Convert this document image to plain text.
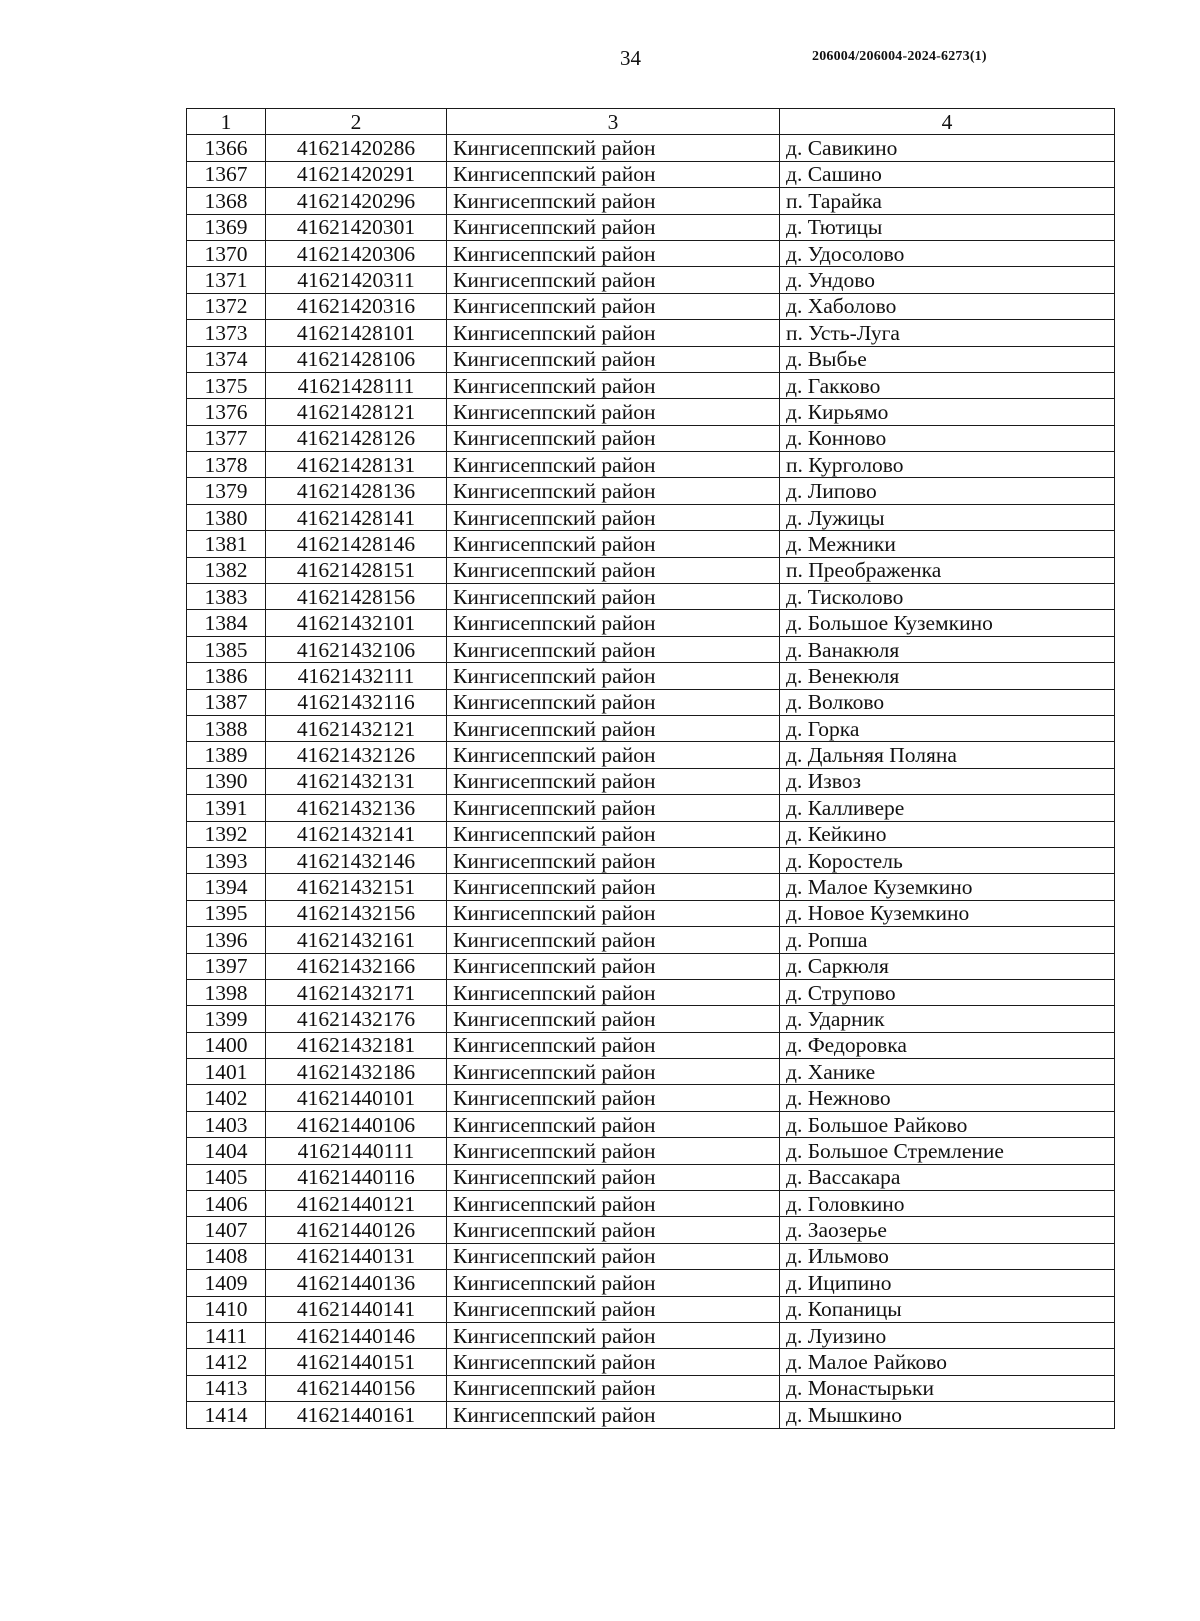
34	206004/206004-2024-6273(1)
1	2	3	4
1366	41621420286	Кингисеппский район	д. Савикино
1367	41621420291	Кингисеппский район	д. Сашино
1368	41621420296	Кингисеппский район	п. Тарайка
1369	41621420301	Кингисеппский район	д. Тютицы
1370	41621420306	Кингисеппский район	д. Удосолово
1371	41621420311	Кингисеппский район	д. Ундово
1372	41621420316	Кингисеппский район	д. Хаболово
1373	41621428101	Кингисеппский район	п. Усть-Луга
1374	41621428106	Кингисеппский район	д. Выбье
1375	41621428111	Кингисеппский район	д. Гакково
1376	41621428121	Кингисеппский район	д. Кирьямо
1377	41621428126	Кингисеппский район	д. Конново
1378	41621428131	Кингисеппский район	п. Курголово
1379	41621428136	Кингисеппский район	д. Липово
1380	41621428141	Кингисеппский район	д. Лужицы
1381	41621428146	Кингисеппский район	д. Межники
1382	41621428151	Кингисеппский район	п. Преображенка
1383	41621428156	Кингисеппский район	д. Тисколово
1384	41621432101	Кингисеппский район	д. Большое Куземкино
1385	41621432106	Кингисеппский район	д. Ванакюля
1386	41621432111	Кингисеппский район	д. Венекюля
1387	41621432116	Кингисеппский район	д. Волково
1388	41621432121	Кингисеппский район	д. Горка
1389	41621432126	Кингисеппский район	д. Дальняя Поляна
1390	41621432131	Кингисеппский район	д. Извоз
1391	41621432136	Кингисеппский район	д. Калливере
1392	41621432141	Кингисеппский район	д. Кейкино
1393	41621432146	Кингисеппский район	д. Коростель
1394	41621432151	Кингисеппский район	д. Малое Куземкино
1395	41621432156	Кингисеппский район	д. Новое Куземкино
1396	41621432161	Кингисеппский район	д. Ропша
1397	41621432166	Кингисеппский район	д. Саркюля
1398	41621432171	Кингисеппский район	д. Струпово
1399	41621432176	Кингисеппский район	д. Ударник
1400	41621432181	Кингисеппский район	д. Федоровка
1401	41621432186	Кингисеппский район	д. Ханике
1402	41621440101	Кингисеппский район	д. Нежново
1403	41621440106	Кингисеппский район	д. Большое Райково
1404	41621440111	Кингисеппский район	д. Большое Стремление
1405	41621440116	Кингисеппский район	д. Вассакара
1406	41621440121	Кингисеппский район	д. Головкино
1407	41621440126	Кингисеппский район	д. Заозерье
1408	41621440131	Кингисеппский район	д. Ильмово
1409	41621440136	Кингисеппский район	д. Иципино
1410	41621440141	Кингисеппский район	д. Копаницы
1411	41621440146	Кингисеппский район	д. Луизино
1412	41621440151	Кингисеппский район	д. Малое Райково
1413	41621440156	Кингисеппский район	д. Монастырьки
1414	41621440161	Кингисеппский район	д. Мышкино
